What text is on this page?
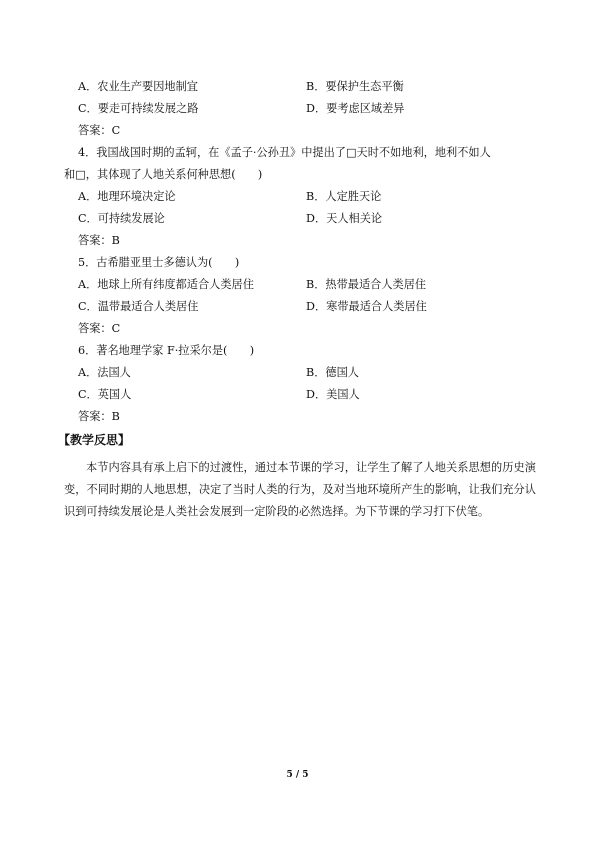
A．农业生产要因地制宜	B．要保护生态平衡
C．要走可持续发展之路	D．要考虑区域差异
答案：C
4．我国战国时期的孟轲，在《孟子·公孙丑》中提出了□天时不如地利，地利不如人
和□，其体现了人地关系何种思想(　　)
A．地理环境决定论	B．人定胜天论
C．可持续发展论	D．天人相关论
答案：B
5．古希腊亚里士多德认为(　　)
A．地球上所有纬度都适合人类居住	B．热带最适合人类居住
C．温带最适合人类居住	D．寒带最适合人类居住
答案：C
6．著名地理学家 F·拉采尔是(　　)
A．法国人	B．德国人
C．英国人	D．美国人
答案：B
【教学反思】
本节内容具有承上启下的过渡性，通过本节课的学习，让学生了解了人地关系思想的历史演变，不同时期的人地思想，决定了当时人类的行为，及对当地环境所产生的影响，让我们充分认识到可持续发展论是人类社会发展到一定阶段的必然选择。为下节课的学习打下伏笔。
5 / 5
